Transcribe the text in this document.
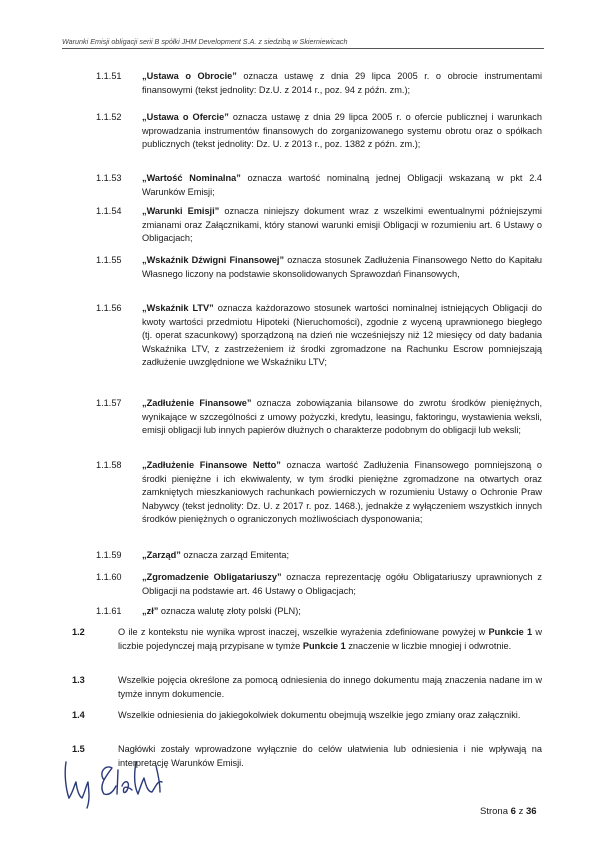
Warunki Emisji obligacji serii B spółki JHM Development S.A. z siedzibą w Skierniewicach
1.1.51	„Ustawa o Obrocie” oznacza ustawę z dnia 29 lipca 2005 r. o obrocie instrumentami finansowymi (tekst jednolity: Dz.U. z 2014 r., poz. 94 z późn. zm.);
1.1.52	„Ustawa o Ofercie” oznacza ustawę z dnia 29 lipca 2005 r. o ofercie publicznej i warunkach wprowadzania instrumentów finansowych do zorganizowanego systemu obrotu oraz o spółkach publicznych (tekst jednolity: Dz. U. z 2013 r., poz. 1382 z późn. zm.);
1.1.53	„Wartość Nominalna” oznacza wartość nominalną jednej Obligacji wskazaną w pkt 2.4 Warunków Emisji;
1.1.54	„Warunki Emisji” oznacza niniejszy dokument wraz z wszelkimi ewentualnymi późniejszymi zmianami oraz Załącznikami, który stanowi warunki emisji Obligacji w rozumieniu art. 6 Ustawy o Obligacjach;
1.1.55	„Wskaźnik Dźwigni Finansowej” oznacza stosunek Zadłużenia Finansowego Netto do Kapitału Własnego liczony na podstawie skonsolidowanych Sprawozdań Finansowych,
1.1.56	„Wskaźnik LTV” oznacza każdorazowo stosunek wartości nominalnej istniejących Obligacji do kwoty wartości przedmiotu Hipoteki (Nieruchomości), zgodnie z wyceną uprawnionego biegłego (tj. operat szacunkowy) sporządzoną na dzień nie wcześniejszy niż 12 miesięcy od daty badania Wskaźnika LTV, z zastrzeżeniem iż środki zgromadzone na Rachunku Escrow pomniejszają zadłużenie uwzględnione we Wskaźniku LTV;
1.1.57	„Zadłużenie Finansowe” oznacza zobowiązania bilansowe do zwrotu środków pieniężnych, wynikające w szczególności z umowy pożyczki, kredytu, leasingu, faktoringu, wystawienia weksli, emisji obligacji lub innych papierów dłużnych o charakterze podobnym do obligacji lub weksli;
1.1.58	„Zadłużenie Finansowe Netto” oznacza wartość Zadłużenia Finansowego pomniejszoną o środki pieniężne i ich ekwiwalenty, w tym środki pieniężne zgromadzone na otwartych oraz zamkniętych mieszkaniowych rachunkach powierniczych w rozumieniu Ustawy o Ochronie Praw Nabywcy (tekst jednolity: Dz. U. z 2017 r. poz. 1468.), jednakże z wyłączeniem wszystkich innych środków pieniężnych o ograniczonych możliwościach dysponowania;
1.1.59	„Zarząd” oznacza zarząd Emitenta;
1.1.60	„Zgromadzenie Obligatariuszy” oznacza reprezentację ogółu Obligatariuszy uprawnionych z Obligacji na podstawie art. 46 Ustawy o Obligacjach;
1.1.61	„zł” oznacza walutę złoty polski (PLN);
1.2	O ile z kontekstu nie wynika wprost inaczej, wszelkie wyrażenia zdefiniowane powyżej w Punkcie 1 w liczbie pojedynczej mają przypisane w tymże Punkcie 1 znaczenie w liczbie mnogiej i odwrotnie.
1.3	Wszelkie pojęcia określone za pomocą odniesienia do innego dokumentu mają znaczenia nadane im w tymże innym dokumencie.
1.4	Wszelkie odniesienia do jakiegokolwiek dokumentu obejmują wszelkie jego zmiany oraz załączniki.
1.5	Nagłówki zostały wprowadzone wyłącznie do celów ułatwienia lub odniesienia i nie wpływają na interpretację Warunków Emisji.
Strona 6 z 36
